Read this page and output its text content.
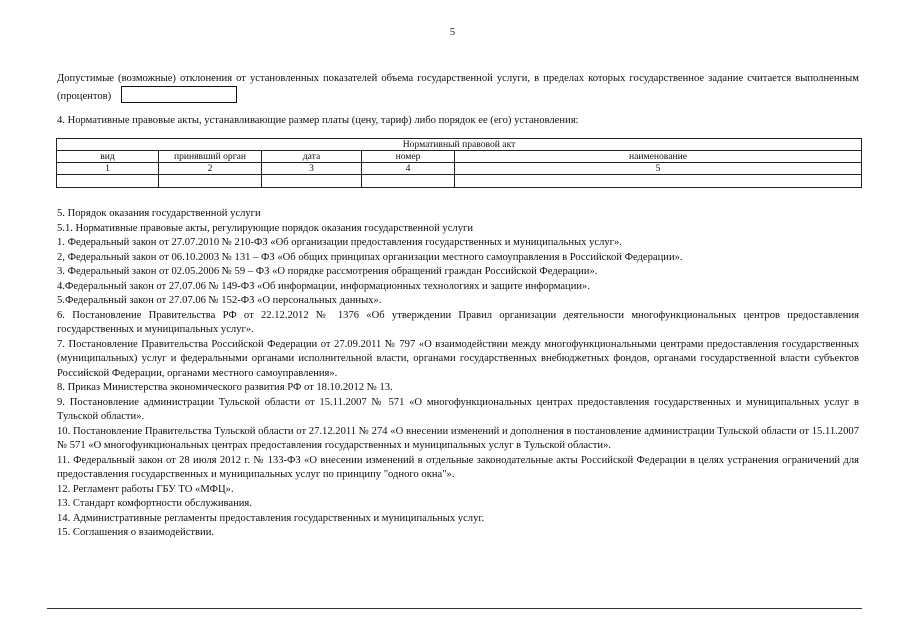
5
Допустимые (возможные) отклонения от установленных показателей объема государственной услуги, в пределах которых государственное задание считается выполненным (процентов)
4. Нормативные правовые акты, устанавливающие размер платы (цену, тариф) либо порядок ее (его) установления:
Нормативный правовой акт				
вид	принявший орган	дата	номер	наименование
1	2	3	4	5

5. Порядок оказания государственной услуги

5.1. Нормативные правовые акты, регулирующие порядок оказания государственной услуги

1. Федеральный закон от 27.07.2010 № 210-ФЗ «Об организации предоставления государственных и муниципальных услуг».

2, Федеральный закон от 06.10.2003 № 131 – ФЗ «Об общих принципах организации местного самоуправления в Российской Федерации».

3. Федеральный закон от 02.05.2006 № 59 – ФЗ «О порядке рассмотрения обращений граждан Российской Федерации».

4.Федеральный закон от 27.07.06 № 149-ФЗ «Об информации, информационных технологиях и защите информации».

5.Федеральный закон от 27.07.06 № 152-ФЗ «О персональных данных».

6. Постановление Правительства РФ от 22.12.2012 № 1376 «Об утверждении Правил организации деятельности многофункциональных центров предоставления государственных и муниципальных услуг».

7. Постановление Правительства Российской Федерации от 27.09.2011 № 797 «О взаимодействии между многофункциональными центрами предоставления государственных (муниципальных) услуг и федеральными органами исполнительной власти, органами государственных внебюджетных фондов, органами государственной власти субъектов Российской Федерации, органами местного самоуправления».

8. Приказ Министерства экономического развития РФ от 18.10.2012 № 13.

9. Постановление администрации Тульской области от 15.11.2007 № 571 «О многофункциональных центрах предоставления государственных и муниципальных услуг в Тульской области».

10. Постановление Правительства Тульской области от 27.12.2011 № 274 «О внесении изменений и дополнения в постановление администрации Тульской области от 15.11.2007 № 571 «О многофункциональных центрах предоставления государственных и муниципальных услуг в Тульской области».

11. Федеральный закон от 28 июля 2012 г. № 133-ФЗ «О внесении изменений в отдельные законодательные акты Российской Федерации в целях устранения ограничений для предоставления государственных и муниципальных услуг по принципу "одного окна"».

12. Регламент работы ГБУ ТО «МФЦ».

13. Стандарт комфортности обслуживания.

14. Административные регламенты предоставления государственных и муниципальных услуг.

15. Соглашения о взаимодействии.
